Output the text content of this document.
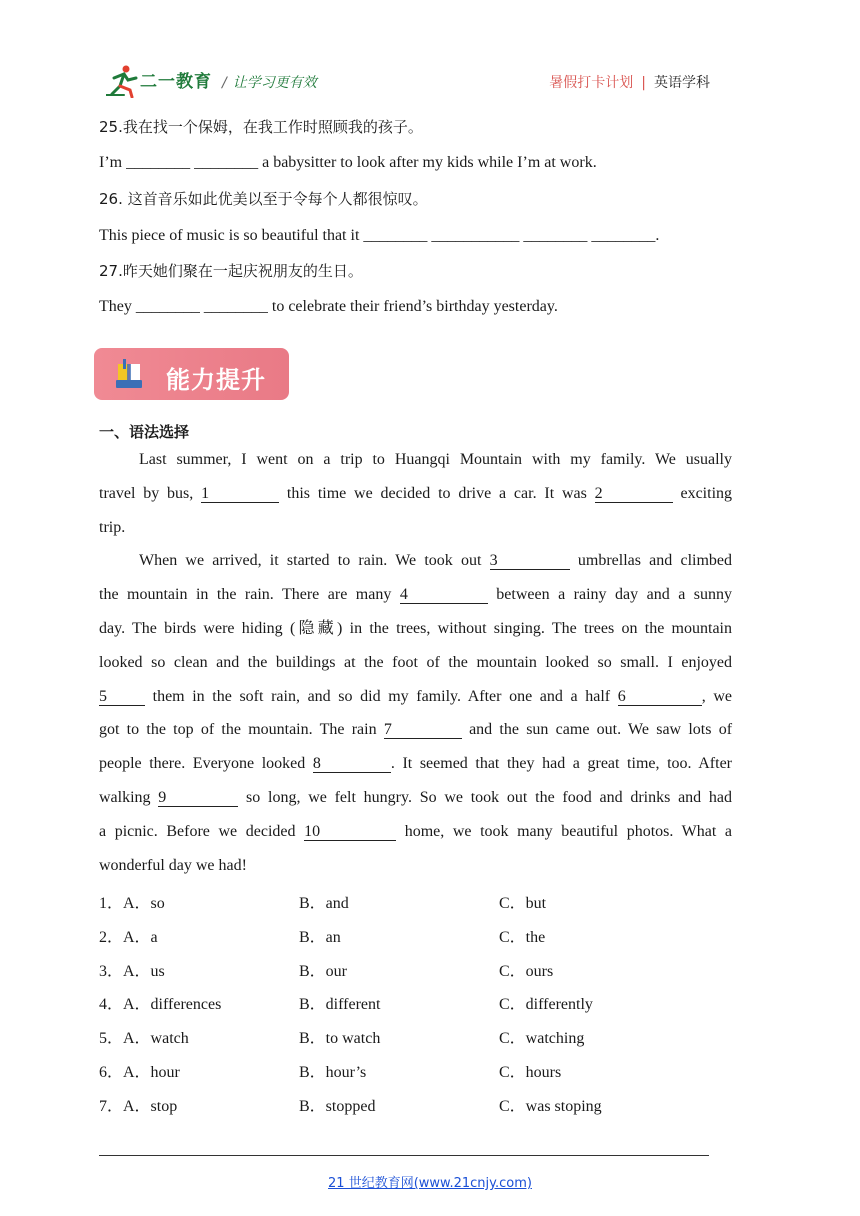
二一教育 / 让学习更有效	暑假打卡计划 | 英语学科
25.我在找一个保姆，在我工作时照顾我的孩子。
I’m ________ ________ a babysitter to look after my kids while I’m at work.
26. 这首音乐如此优美以至于令每个人都很惊叹。
This piece of music is so beautiful that it ________ ___________ ________ ________.
27.昨天她们聚在一起庆祝朋友的生日。
They ________ ________ to celebrate their friend’s birthday yesterday.
能力提升
一、语法选择
Last summer, I went on a trip to Huangqi Mountain with my family. We usually
travel by bus, 1	this time we decided to drive a car. It was 2	exciting
trip.
When we arrived, it started to rain. We took out 3	umbrellas and climbed
the mountain in the rain. There are many 4	between a rainy day and a sunny
day. The birds were hiding (隐藏) in the trees, without singing. The trees on the mountain
looked so clean and the buildings at the foot of the mountain looked so small. I enjoyed
5	them in the soft rain, and so did my family. After one and a half 6	, we
got to the top of the mountain. The rain 7	and the sun came out. We saw lots of
people there. Everyone looked 8	. It seemed that they had a great time, too. After
walking 9	so long, we felt hungry. So we took out the food and drinks and had
a picnic. Before we decided 10	home, we took many beautiful photos. What a
wonderful day we had!
1．A．so	B．and	C．but
2．A．a	B．an	C．the
3．A．us	B．our	C．ours
4．A．differences	B．different	C．differently
5．A．watch	B．to watch	C．watching
6．A．hour	B．hour’s	C．hours
7．A．stop	B．stopped	C．was stoping
21 世纪教育网(www.21cnjy.com)
